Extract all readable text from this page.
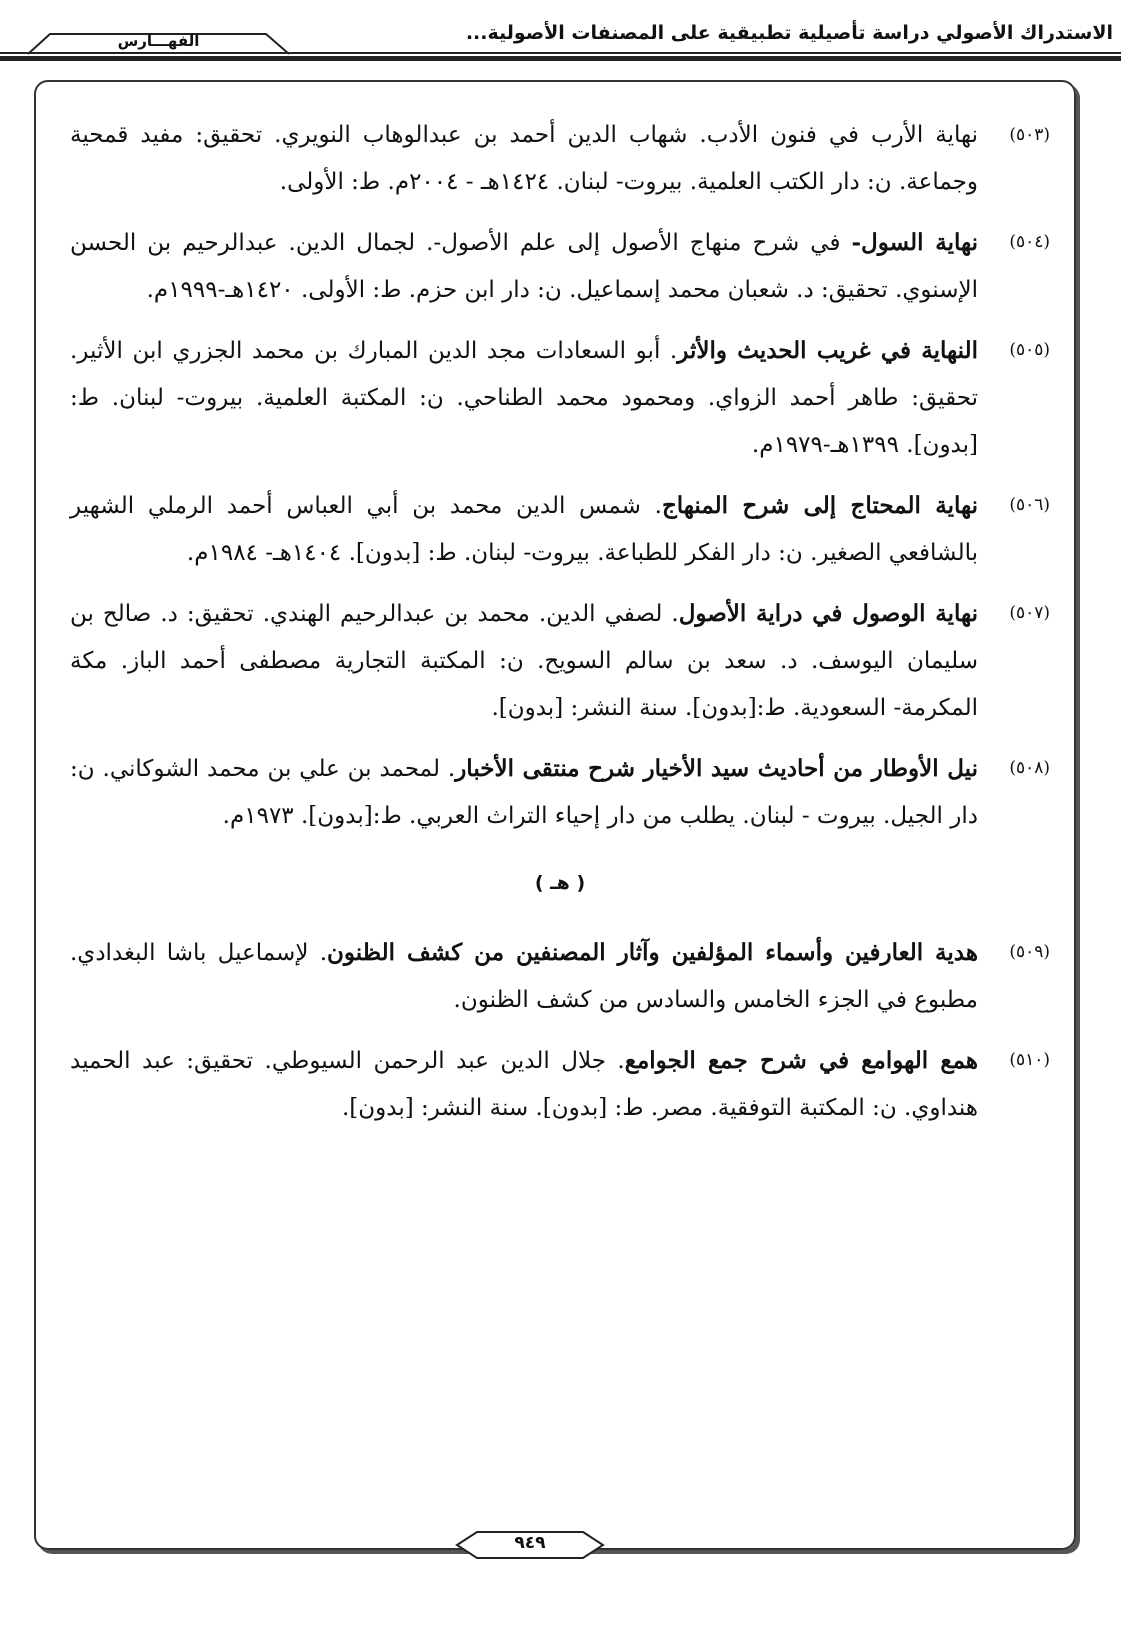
الاستدراك الأصولي دراسة تأصيلية تطبيقية على المصنفات الأصولية...
الفهـــارس
(٥٠٣)
نهاية الأرب في فنون الأدب. شهاب الدين أحمد بن عبدالوهاب النويري. تحقيق: مفيد قمحية وجماعة. ن: دار الكتب العلمية. بيروت- لبنان. ١٤٢٤هـ - ٢٠٠٤م. ط: الأولى.
(٥٠٤)
نهاية السول- في شرح منهاج الأصول إلى علم الأصول-. لجمال الدين. عبدالرحيم بن الحسن الإسنوي. تحقيق: د. شعبان محمد إسماعيل. ن: دار ابن حزم. ط: الأولى. ١٤٢٠هـ-١٩٩٩م.
(٥٠٥)
النهاية في غريب الحديث والأثر. أبو السعادات مجد الدين المبارك بن محمد الجزري ابن الأثير. تحقيق: طاهر أحمد الزواي. ومحمود محمد الطناحي. ن: المكتبة العلمية. بيروت- لبنان. ط:[بدون]. ١٣٩٩هـ-١٩٧٩م.
(٥٠٦)
نهاية المحتاج إلى شرح المنهاج. شمس الدين محمد بن أبي العباس أحمد الرملي الشهير بالشافعي الصغير. ن: دار الفكر للطباعة. بيروت- لبنان. ط: [بدون]. ١٤٠٤هـ- ١٩٨٤م.
(٥٠٧)
نهاية الوصول في دراية الأصول. لصفي الدين. محمد بن عبدالرحيم الهندي. تحقيق: د. صالح بن سليمان اليوسف. د. سعد بن سالم السويح. ن: المكتبة التجارية مصطفى أحمد الباز. مكة المكرمة- السعودية. ط:[بدون]. سنة النشر: [بدون].
(٥٠٨)
نيل الأوطار من أحاديث سيد الأخيار شرح منتقى الأخبار. لمحمد بن علي بن محمد الشوكاني. ن: دار الجيل. بيروت - لبنان. يطلب من دار إحياء التراث العربي. ط:[بدون]. ١٩٧٣م.
( هـ )
(٥٠٩)
هدية العارفين وأسماء المؤلفين وآثار المصنفين من كشف الظنون. لإسماعيل باشا البغدادي. مطبوع في الجزء الخامس والسادس من كشف الظنون.
(٥١٠)
همع الهوامع في شرح جمع الجوامع. جلال الدين عبد الرحمن السيوطي. تحقيق: عبد الحميد هنداوي. ن: المكتبة التوفقية. مصر. ط: [بدون]. سنة النشر: [بدون].
٩٤٩
